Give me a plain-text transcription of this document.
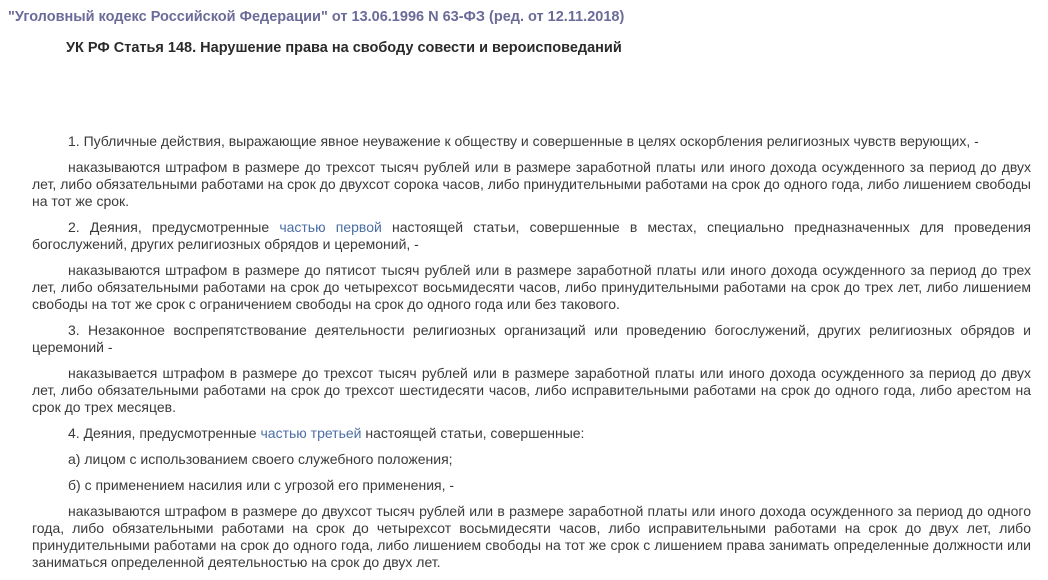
"Уголовный кодекс Российской Федерации" от 13.06.1996 N 63-ФЗ (ред. от 12.11.2018)
УК РФ Статья 148. Нарушение права на свободу совести и вероисповеданий

1. Публичные действия, выражающие явное неуважение к обществу и совершенные в целях оскорбления религиозных чувств верующих, -

наказываются штрафом в размере до трехсот тысяч рублей или в размере заработной платы или иного дохода осужденного за период до двух лет, либо обязательными работами на срок до двухсот сорока часов, либо принудительными работами на срок до одного года, либо лишением свободы на тот же срок.

2. Деяния, предусмотренные частью первой настоящей статьи, совершенные в местах, специально предназначенных для проведения богослужений, других религиозных обрядов и церемоний, -

наказываются штрафом в размере до пятисот тысяч рублей или в размере заработной платы или иного дохода осужденного за период до трех лет, либо обязательными работами на срок до четырехсот восьмидесяти часов, либо принудительными работами на срок до трех лет, либо лишением свободы на тот же срок с ограничением свободы на срок до одного года или без такового.

3. Незаконное воспрепятствование деятельности религиозных организаций или проведению богослужений, других религиозных обрядов и церемоний -

наказывается штрафом в размере до трехсот тысяч рублей или в размере заработной платы или иного дохода осужденного за период до двух лет, либо обязательными работами на срок до трехсот шестидесяти часов, либо исправительными работами на срок до одного года, либо арестом на срок до трех месяцев.

4. Деяния, предусмотренные частью третьей настоящей статьи, совершенные:

а) лицом с использованием своего служебного положения;

б) с применением насилия или с угрозой его применения, -

наказываются штрафом в размере до двухсот тысяч рублей или в размере заработной платы или иного дохода осужденного за период до одного года, либо обязательными работами на срок до четырехсот восьмидесяти часов, либо исправительными работами на срок до двух лет, либо принудительными работами на срок до одного года, либо лишением свободы на тот же срок с лишением права занимать определенные должности или заниматься определенной деятельностью на срок до двух лет.
